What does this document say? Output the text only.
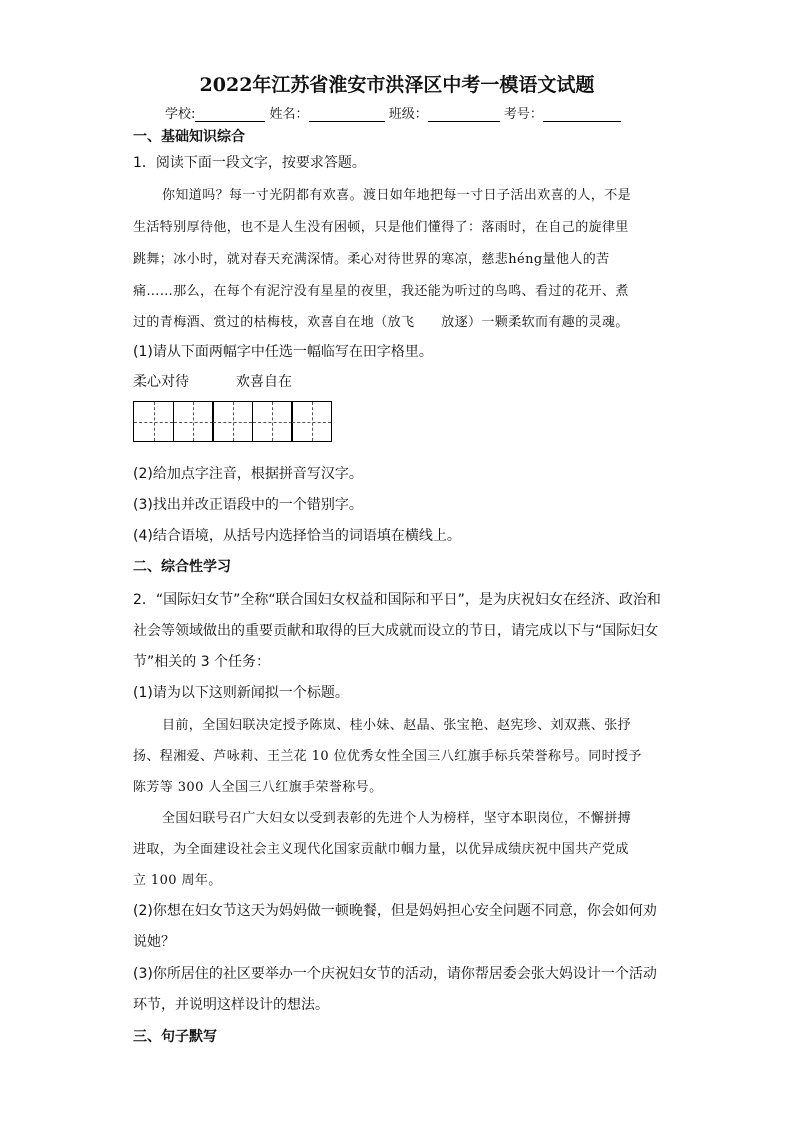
2022年江苏省淮安市洪泽区中考一模语文试题
学校:	姓名：	班级：	考号：
一、基础知识综合
1．阅读下面一段文字，按要求答题。
你知道吗？每一寸光阴都有欢喜。渡日如年地把每一寸日子活出欢喜的人，不是
生活特别厚待他，也不是人生没有困顿，只是他们懂得了：落雨时，在自己的旋律里
跳舞；冰小时，就对春天充满深情。柔心对待世界的寒凉，慈悲héng量他人的苦
痛……那么，在每个有泥泞没有星星的夜里，我还能为听过的鸟鸣、看过的花开、煮
过的青梅酒、赏过的枯梅枝，欢喜自在地（放飞　　放逐）一颗柔软而有趣的灵魂。
(1)请从下面两幅字中任选一幅临写在田字格里。
柔心对待	欢喜自在
(2)给加点字注音，根据拼音写汉字。
(3)找出并改正语段中的一个错别字。
(4)结合语境，从括号内选择恰当的词语填在横线上。
二、综合性学习
2．“国际妇女节”全称“联合国妇女权益和国际和平日”，是为庆祝妇女在经济、政治和
社会等领域做出的重要贡献和取得的巨大成就而设立的节日，请完成以下与“国际妇女
节”相关的 3 个任务：
(1)请为以下这则新闻拟一个标题。
目前，全国妇联决定授予陈岚、桂小妹、赵晶、张宝艳、赵宪珍、刘双燕、张抒
扬、程湘爱、芦咏莉、王兰花 10 位优秀女性全国三八红旗手标兵荣誉称号。同时授予
陈芳等 300 人全国三八红旗手荣誉称号。
全国妇联号召广大妇女以受到表彰的先进个人为榜样，坚守本职岗位，不懈拼搏
进取，为全面建设社会主义现代化国家贡献巾帼力量，以优异成绩庆祝中国共产党成
立 100 周年。
(2)你想在妇女节这天为妈妈做一顿晚餐，但是妈妈担心安全问题不同意，你会如何劝
说她？
(3)你所居住的社区要举办一个庆祝妇女节的活动，请你帮居委会张大妈设计一个活动
环节，并说明这样设计的想法。
三、句子默写
